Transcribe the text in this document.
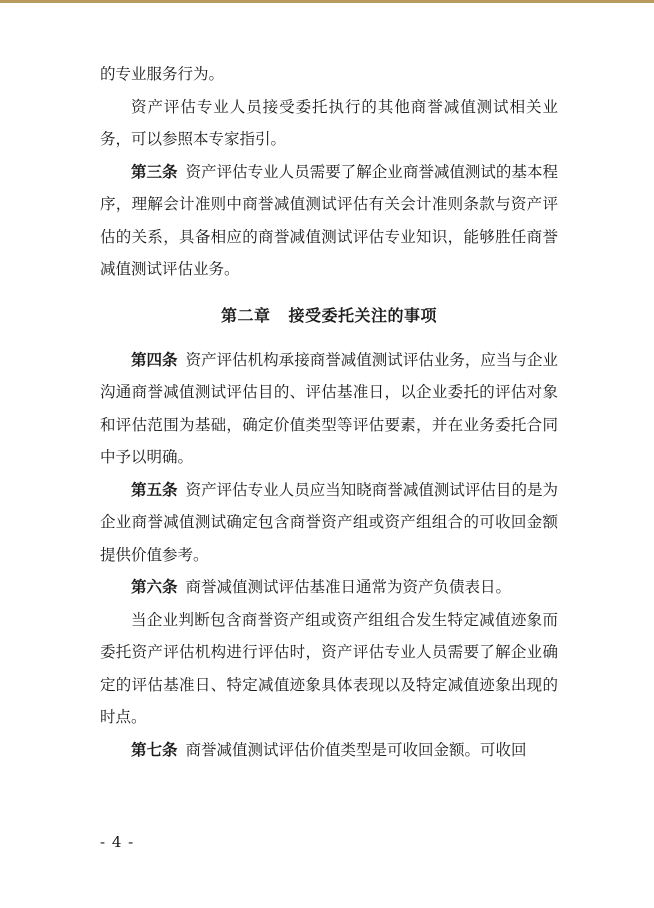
的专业服务行为。

资产评估专业人员接受委托执行的其他商誉减值测试相关业务，可以参照本专家指引。

第三条 资产评估专业人员需要了解企业商誉减值测试的基本程序，理解会计准则中商誉减值测试评估有关会计准则条款与资产评估的关系，具备相应的商誉减值测试评估专业知识，能够胜任商誉减值测试评估业务。

第二章 接受委托关注的事项

第四条 资产评估机构承接商誉减值测试评估业务，应当与企业沟通商誉减值测试评估目的、评估基准日，以企业委托的评估对象和评估范围为基础，确定价值类型等评估要素，并在业务委托合同中予以明确。

第五条 资产评估专业人员应当知晓商誉减值测试评估目的是为企业商誉减值测试确定包含商誉资产组或资产组组合的可收回金额提供价值参考。

第六条 商誉减值测试评估基准日通常为资产负债表日。

当企业判断包含商誉资产组或资产组组合发生特定减值迹象而委托资产评估机构进行评估时，资产评估专业人员需要了解企业确定的评估基准日、特定减值迹象具体表现以及特定减值迹象出现的时点。

第七条 商誉减值测试评估价值类型是可收回金额。可收回

- 4 -
